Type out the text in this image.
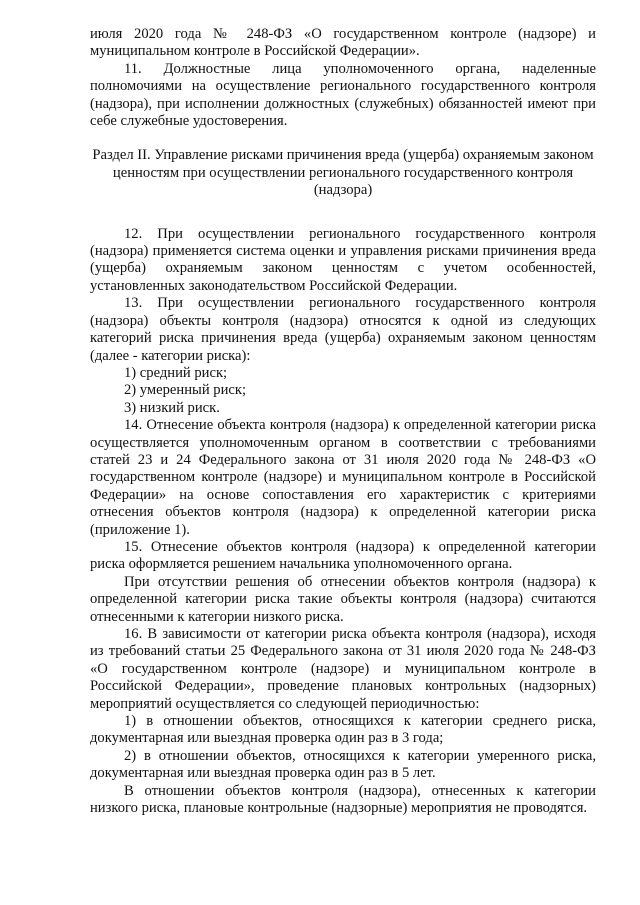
июля 2020 года № 248-ФЗ «О государственном контроле (надзоре) и муниципальном контроле в Российской Федерации».

11. Должностные лица уполномоченного органа, наделенные полномочиями на осуществление регионального государственного контроля (надзора), при исполнении должностных (служебных) обязанностей имеют при себе служебные удостоверения.

Раздел II. Управление рисками причинения вреда (ущерба) охраняемым законом ценностям при осуществлении регионального государственного контроля (надзора)

12. При осуществлении регионального государственного контроля (надзора) применяется система оценки и управления рисками причинения вреда (ущерба) охраняемым законом ценностям с учетом особенностей, установленных законодательством Российской Федерации.

13. При осуществлении регионального государственного контроля (надзора) объекты контроля (надзора) относятся к одной из следующих категорий риска причинения вреда (ущерба) охраняемым законом ценностям (далее - категории риска):

1) средний риск;

2) умеренный риск;

3) низкий риск.

14. Отнесение объекта контроля (надзора) к определенной категории риска осуществляется уполномоченным органом в соответствии с требованиями статей 23 и 24 Федерального закона от 31 июля 2020 года № 248-ФЗ «О государственном контроле (надзоре) и муниципальном контроле в Российской Федерации» на основе сопоставления его характеристик с критериями отнесения объектов контроля (надзора) к определенной категории риска (приложение 1).

15. Отнесение объектов контроля (надзора) к определенной категории риска оформляется решением начальника уполномоченного органа.

При отсутствии решения об отнесении объектов контроля (надзора) к определенной категории риска такие объекты контроля (надзора) считаются отнесенными к категории низкого риска.

16. В зависимости от категории риска объекта контроля (надзора), исходя из требований статьи 25 Федерального закона от 31 июля 2020 года № 248-ФЗ «О государственном контроле (надзоре) и муниципальном контроле в Российской Федерации», проведение плановых контрольных (надзорных) мероприятий осуществляется со следующей периодичностью:

1) в отношении объектов, относящихся к категории среднего риска, документарная или выездная проверка один раз в 3 года;

2) в отношении объектов, относящихся к категории умеренного риска, документарная или выездная проверка один раз в 5 лет.

В отношении объектов контроля (надзора), отнесенных к категории низкого риска, плановые контрольные (надзорные) мероприятия не проводятся.
